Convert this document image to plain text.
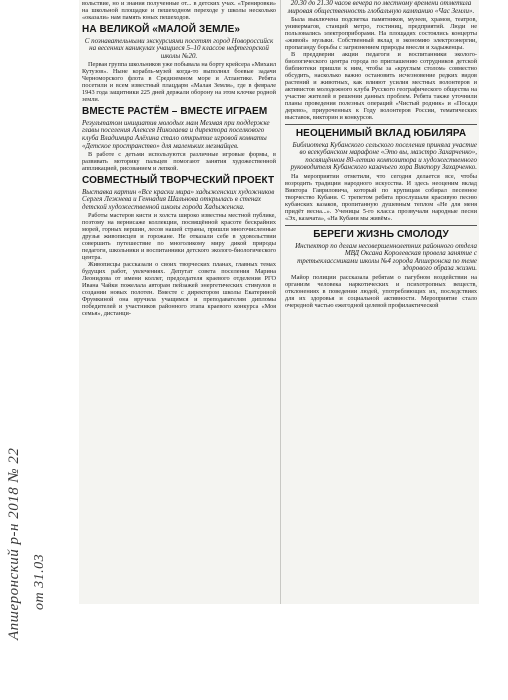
Апшеронский р-н 2018 № 22 от 31.03

вольствие, но и знания полученные от... в детских учах. «Тренировки» на школьной площадке и пешеходном переходе у школы несколько «оказали» нам память юных пешеходов.

НА ВЕЛИКОЙ «МАЛОЙ ЗЕМЛЕ»

С познавательными экскурсиями посетят город Новороссийск на весенних каникулах учащиеся 5–10 классов нефтегорской школы №20.

Первая группа школьников уже побывала на борту крейсера «Михаил Кутузов». Ныне корабль-музей когда-то выполнял боевые задачи Черноморского флота в Средиземном море и Атлантике. Ребята посетили и всем известный плацдарм «Малая Земля», где в феврале 1943 года защитники 225 дней держали оборону на этом клочке родной земли.

ВМЕСТЕ РАСТЁМ – ВМЕСТЕ ИГРАЕМ

Результатом инициатив молодых мам Мезмая при поддержке главы поселения Алексея Николаева и директора поселкового клуба Владимира Алёхина стало открытие игровой комнаты «Детское пространство» для маленьких мезмайцев.

В работе с детьми используются различные игровые формы, в развивать моторику пальцев помогают занятия художественной аппликацией, рисованием и лепкой.

СОВМЕСТНЫЙ ТВОРЧЕСКИЙ ПРОЕКТ

Выставка картин «Все краски мира» хадыженских художников Сергея Лежнева и Геннадия Шальнова открылась в стенах детской художественной школы города Хадыженска.

Работы мастеров кисти и холста широко известны местной публике, поэтому на вернисаже коллекции, посвящённой красоте бескрайних морей, горных вершин, лесов нашей страны, пришли многочисленные друзья живописцев и горожане. Не отказали себе в удовольствии совершить путешествие по многоликому миру дикой природы педагоги, школьники и воспитанники детского эколого-биологического центра.

Живописцы рассказали о своих творческих планах, главных темах будущих работ, увлечениях. Депутат совета поселения Марина Леонидова от имени коллег, председателя краевого отделения РГО Ивана Чайки пожелала авторам пейзажей энергетических стимулов в создании новых полотен. Вместе с директором школы Екатериной Фрумкиной она вручила учащимся и преподавателям дипломы победителей и участников районного этапа краевого конкурса «Моя семья», дистанци-

20.30 до 21.30 часов вечера по местному времени отметила мировая общественность глобальную кампанию «Час Земли».

Была выключена подсветка памятников, музеев, храмов, театров, универмагов, станций метро, гостиниц, предприятий. Люди не пользовались электроприборами. На площадях состоялись концерты «живой» музыки. Собственный вклад в экономию электроэнергии, пропаганду борьбы с загрязнением природы внесли и хадыженцы.

В преддверии акции педагоги и воспитанники эколого-биологического центра города по приглашению сотрудников детской библиотеки пришли к ним, чтобы за «круглым столом» совместно обсудить, насколько важно остановить исчезновение редких видов растений и животных, как влияют усилия местных волонтеров и активистов молодежного клуба Русского географического общества на участие жителей в решении данных проблем. Ребята также уточнили планы проведения полезных операций «Чистый родник» и «Посади дерево», приуроченных к Году волонтеров России, тематических выставок, викторин и конкурсов.

НЕОЦЕНИМЫЙ ВКЛАД ЮБИЛЯРА

Библиотека Кубанского сельского поселения приняла участие во всекубанском марафоне «Это вы, маэстро Захарченко», посвящённом 80-летию композитора и художественного руководителя Кубанского казачьего хора Виктору Захарченко.

На мероприятии отметили, что сегодня делается все, чтобы возродить традиции народного искусства. И здесь неоценим вклад Виктора Гавриловича, который по крупицам собирал песенное творчество Кубани. С трепетом ребята прослушали красивую песню кубанских казаков, пропитанную душевным теплом «Не для меня придёт весна...». Ученицы 5-го класса прозвучали народные песни «Эх, казачата», «На Кубани мы живём».

БЕРЕГИ ЖИЗНЬ СМОЛОДУ

Инспектор по делам несовершеннолетних районного отдела МВД Оксана Королевская провела занятие с третьеклассниками школы №4 города Апшеронска по теме здорового образа жизни.

Майор полиции рассказала ребятам о пагубном воздействии на организм человека наркотических и психотропных веществ, отклонениях в поведении людей, употребляющих их, последствиях для их здоровья и социальной активности. Мероприятие стало очередной частью ежегодной целевой профилактической
